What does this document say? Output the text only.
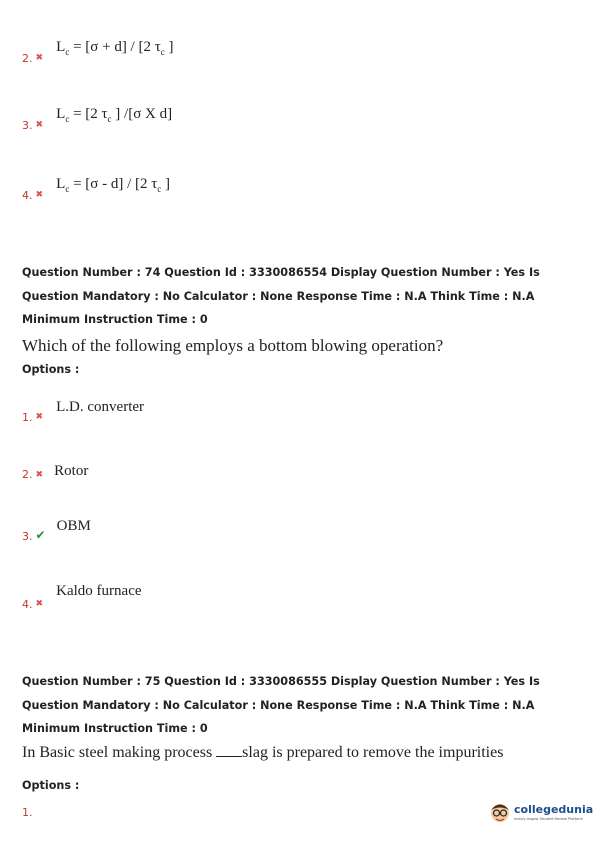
$_{2.}$ $_✖$ $L_c = [\sigma + d] / [2$ $\tau_c$ ]
$_{3.}$ $_✖$ $L_c = [2$ $\tau_c$ ] /[σ X d]
$_{4.}$ $_✖$ $L_c = [\sigma - d] / [2$ $\tau_c$ ]
Question Number : 74 Question Id : 3330086554 Display Question Number : Yes Is Question Mandatory : No Calculator : None Response Time : N.A Think Time : N.A Minimum Instruction Time : 0
Which of the following employs a bottom blowing operation?
Options :
$_{1.}$ $_✖$ L.D. converter
2. ✖ Rotor
$_{3.}$ $_✔$ OBM
$_{4.}$ $_✖$ Kaldo furnace
Question Number : 75 Question Id : 3330086555 Display Question Number : Yes Is Question Mandatory : No Calculator : None Response Time : N.A Think Time : N.A Minimum Instruction Time : 0
In Basic steel making process slag is prepared to remove the impurities
Options :
1.	collegedunia
India's largest Student Review Platform
